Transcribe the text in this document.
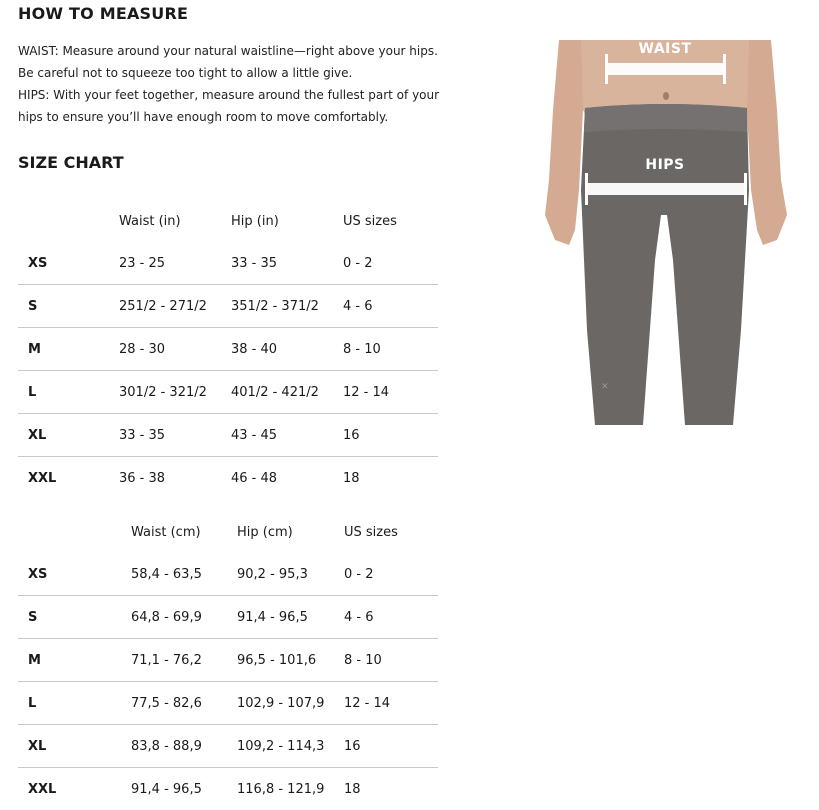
HOW TO MEASURE

WAIST: Measure around your natural waistline—right above your hips. Be careful not to squeeze too tight to allow a little give.

HIPS: With your feet together, measure around the fullest part of your hips to ensure you’ll have enough room to move comfortably.

SIZE CHART
	Waist (in)	Hip (in)	US sizes
XS	23 - 25	33 - 35	0 - 2
S	251/2 - 271/2	351/2 - 371/2	4 - 6
M	28 - 30	38 - 40	8 - 10
L	301/2 - 321/2	401/2 - 421/2	12 - 14
XL	33 - 35	43 - 45	16
XXL	36 - 38	46 - 48	18
	Waist (cm)	Hip (cm)	US sizes
XS	58,4 - 63,5	90,2 - 95,3	0 - 2
S	64,8 - 69,9	91,4 - 96,5	4 - 6
M	71,1 - 76,2	96,5 - 101,6	8 - 10
L	77,5 - 82,6	102,9 - 107,9	12 - 14
XL	83,8 - 88,9	109,2 - 114,3	16
XXL	91,4 - 96,5	116,8 - 121,9	18
✕
WAIST
HIPS
